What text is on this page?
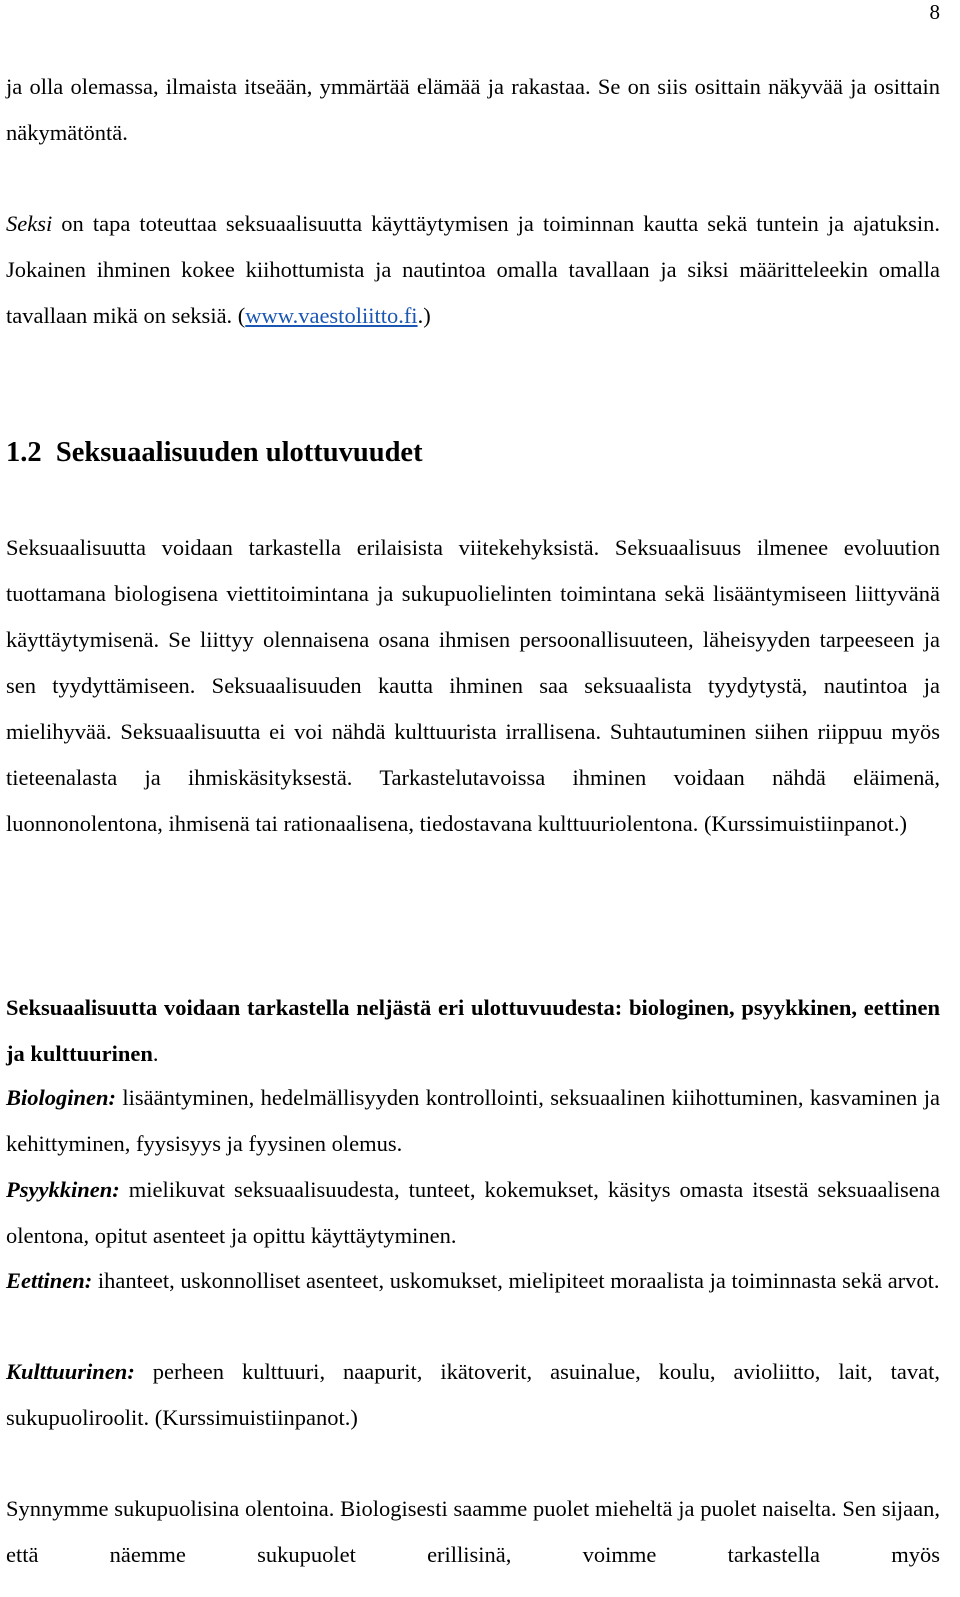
8

ja olla olemassa, ilmaista itseään, ymmärtää elämää ja rakastaa. Se on siis osittain näkyvää ja osittain näkymätöntä.

Seksi on tapa toteuttaa seksuaalisuutta käyttäytymisen ja toiminnan kautta sekä tuntein ja ajatuksin. Jokainen ihminen kokee kiihottumista ja nautintoa omalla tavallaan ja siksi määritteleekin omalla tavallaan mikä on seksiä. (www.vaestoliitto.fi.)

1.2 Seksuaalisuuden ulottuvuudet

Seksuaalisuutta voidaan tarkastella erilaisista viitekehyksistä. Seksuaalisuus ilmenee evoluution tuottamana biologisena viettitoimintana ja sukupuolielinten toimintana sekä lisääntymiseen liittyvänä käyttäytymisenä. Se liittyy olennaisena osana ihmisen persoonallisuuteen, läheisyyden tarpeeseen ja sen tyydyttämiseen. Seksuaalisuuden kautta ihminen saa seksuaalista tyydytystä, nautintoa ja mielihyvää. Seksuaalisuutta ei voi nähdä kulttuurista irrallisena. Suhtautuminen siihen riippuu myös tieteenalasta ja ihmiskäsityksestä. Tarkastelutavoissa ihminen voidaan nähdä eläimenä, luonnonolentona, ihmisenä tai rationaalisena, tiedostavana kulttuuriolentona. (Kurssimuistiinpanot.)

Seksuaalisuutta voidaan tarkastella neljästä eri ulottuvuudesta: biologinen, psyykkinen, eettinen ja kulttuurinen.

Biologinen: lisääntyminen, hedelmällisyyden kontrollointi, seksuaalinen kiihottuminen, kasvaminen ja kehittyminen, fyysisyys ja fyysinen olemus.

Psyykkinen: mielikuvat seksuaalisuudesta, tunteet, kokemukset, käsitys omasta itsestä seksuaalisena olentona, opitut asenteet ja opittu käyttäytyminen.

Eettinen: ihanteet, uskonnolliset asenteet, uskomukset, mielipiteet moraalista ja toiminnasta sekä arvot.

Kulttuurinen: perheen kulttuuri, naapurit, ikätoverit, asuinalue, koulu, avioliitto, lait, tavat, sukupuoliroolit. (Kurssimuistiinpanot.)

Synnymme sukupuolisina olentoina. Biologisesti saamme puolet mieheltä ja puolet naiselta. Sen sijaan, että näemme sukupuolet erillisinä, voimme tarkastella myös
